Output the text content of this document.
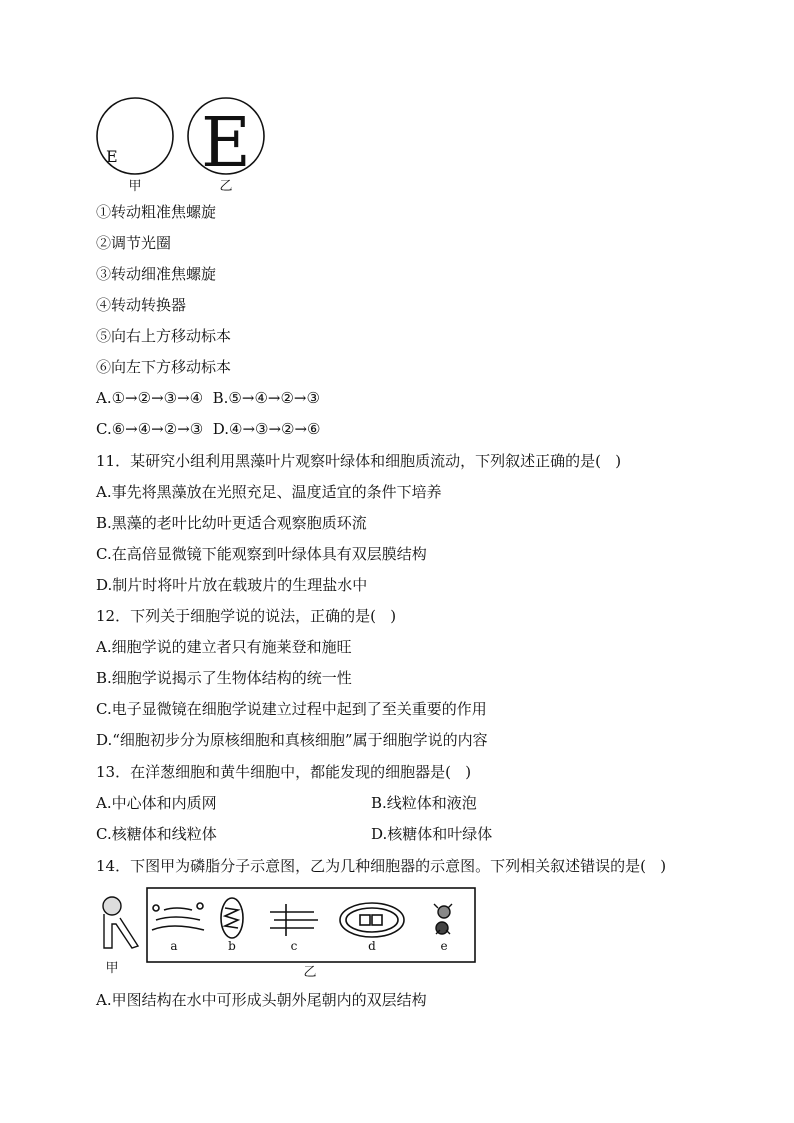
E E
甲	乙
①转动粗准焦螺旋
②调节光圈
③转动细准焦螺旋
④转动转换器
⑤向右上方移动标本
⑥向左下方移动标本
A.①→②→③→④  B.⑤→④→②→③
C.⑥→④→②→③  D.④→③→②→⑥
11．某研究小组利用黑藻叶片观察叶绿体和细胞质流动，下列叙述正确的是(   )
A.事先将黑藻放在光照充足、温度适宜的条件下培养
B.黑藻的老叶比幼叶更适合观察胞质环流
C.在高倍显微镜下能观察到叶绿体具有双层膜结构
D.制片时将叶片放在载玻片的生理盐水中
12．下列关于细胞学说的说法，正确的是(   )
A.细胞学说的建立者只有施莱登和施旺
B.细胞学说揭示了生物体结构的统一性
C.电子显微镜在细胞学说建立过程中起到了至关重要的作用
D.“细胞初步分为原核细胞和真核细胞”属于细胞学说的内容
13．在洋葱细胞和黄牛细胞中，都能发现的细胞器是(   )
A.中心体和内质网	B.线粒体和液泡
C.核糖体和线粒体	D.核糖体和叶绿体
14．下图甲为磷脂分子示意图，乙为几种细胞器的示意图。下列相关叙述错误的是(   )
甲
a	b	c	d	e
乙
A.甲图结构在水中可形成头朝外尾朝内的双层结构
